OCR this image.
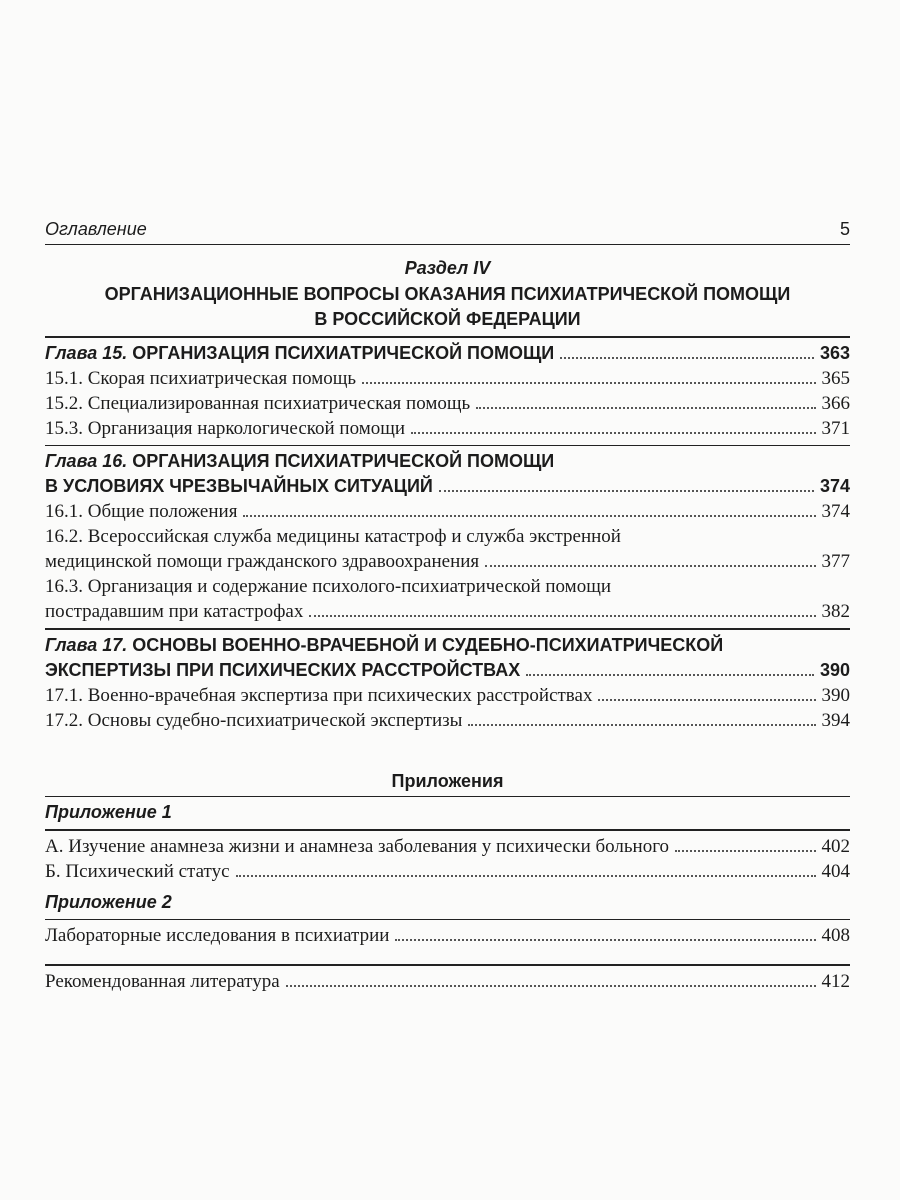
Оглавление	5
Раздел IV
ОРГАНИЗАЦИОННЫЕ ВОПРОСЫ ОКАЗАНИЯ ПСИХИАТРИЧЕСКОЙ ПОМОЩИ
В РОССИЙСКОЙ ФЕДЕРАЦИИ
Глава 15. ОРГАНИЗАЦИЯ ПСИХИАТРИЧЕСКОЙ ПОМОЩИ	363
15.1. Скорая психиатрическая помощь	365
15.2. Специализированная психиатрическая помощь	366
15.3. Организация наркологической помощи	371
Глава 16. ОРГАНИЗАЦИЯ ПСИХИАТРИЧЕСКОЙ ПОМОЩИ
В УСЛОВИЯХ ЧРЕЗВЫЧАЙНЫХ СИТУАЦИЙ	374
16.1. Общие положения	374
16.2. Всероссийская служба медицины катастроф и служба экстренной
медицинской помощи гражданского здравоохранения	377
16.3. Организация и содержание психолого-психиатрической помощи
пострадавшим при катастрофах	382
Глава 17. ОСНОВЫ ВОЕННО-ВРАЧЕБНОЙ И СУДЕБНО-ПСИХИАТРИЧЕСКОЙ
ЭКСПЕРТИЗЫ ПРИ ПСИХИЧЕСКИХ РАССТРОЙСТВАХ	390
17.1. Военно-врачебная экспертиза при психических расстройствах	390
17.2. Основы судебно-психиатрической экспертизы	394
Приложения
Приложение 1
А. Изучение анамнеза жизни и анамнеза заболевания у психически больного	402
Б. Психический статус	404
Приложение 2
Лабораторные исследования в психиатрии	408
Рекомендованная литература	412
